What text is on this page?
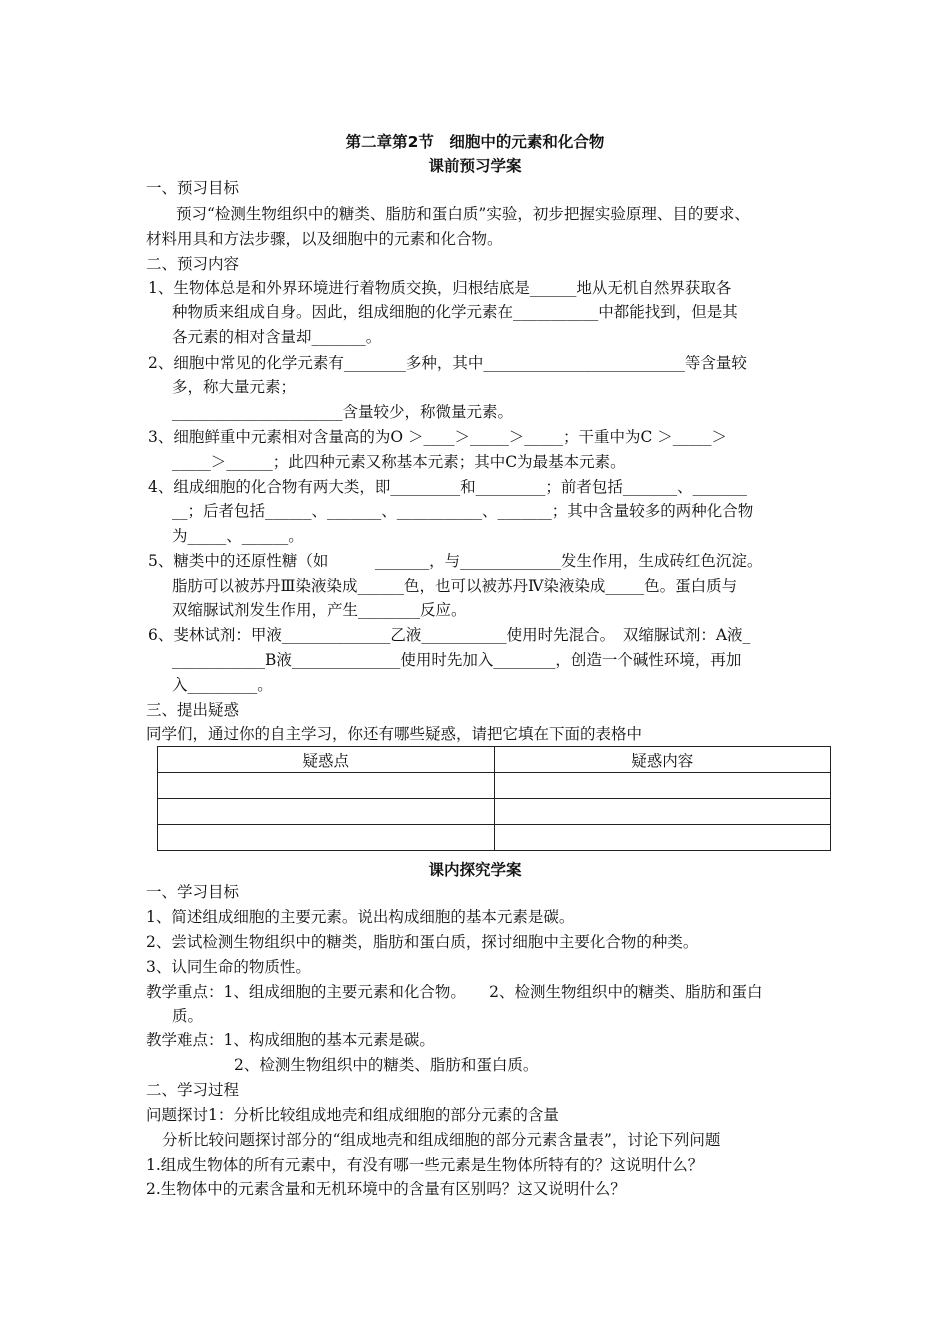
第二章第2节　细胞中的元素和化合物
课前预习学案
一、预习目标
预习“检测生物组织中的糖类、脂肪和蛋白质”实验，初步把握实验原理、目的要求、
材料用具和方法步骤，以及细胞中的元素和化合物。
二、预习内容
1、生物体总是和外界环境进行着物质交换，归根结底是______地从无机自然界获取各
种物质来组成自身。因此，组成细胞的化学元素在___________中都能找到，但是其
各元素的相对含量却_______。
2、细胞中常见的化学元素有________多种，其中__________________________等含量较
多，称大量元素；
______________________含量较少，称微量元素。
3、细胞鲜重中元素相对含量高的为O ＞____＞_____＞_____；干重中为C ＞_____＞
_____＞______；此四种元素又称基本元素；其中C为最基本元素。
4、组成细胞的化合物有两大类，即_________和_________；前者包括_______、_______
__；后者包括______、_______、___________、_______；其中含量较多的两种化合物
为_____、______。
5、糖类中的还原性糖（如　　　_______，与_____________发生作用，生成砖红色沉淀。
脂肪可以被苏丹Ⅲ染液染成______色，也可以被苏丹Ⅳ染液染成_____色。蛋白质与
双缩脲试剂发生作用，产生________反应。
6、斐林试剂：甲液______________乙液___________使用时先混合。　双缩脲试剂：A液_
____________B液______________使用时先加入________，创造一个碱性环境，再加
入_________。
三、提出疑惑
同学们，通过你的自主学习，你还有哪些疑惑，请把它填在下面的表格中
疑惑点	疑惑内容

课内探究学案
一、学习目标
1、简述组成细胞的主要元素。说出构成细胞的基本元素是碳。
2、尝试检测生物组织中的糖类，脂肪和蛋白质，探讨细胞中主要化合物的种类。
3、认同生命的物质性。
教学重点：1、组成细胞的主要元素和化合物。　　2、检测生物组织中的糖类、脂肪和蛋白
质。
教学难点：1、构成细胞的基本元素是碳。
2、检测生物组织中的糖类、脂肪和蛋白质。
二、学习过程
问题探讨1：分析比较组成地壳和组成细胞的部分元素的含量
分析比较问题探讨部分的“组成地壳和组成细胞的部分元素含量表”，讨论下列问题
1.组成生物体的所有元素中，有没有哪一些元素是生物体所特有的？这说明什么？
2.生物体中的元素含量和无机环境中的含量有区别吗？这又说明什么？
